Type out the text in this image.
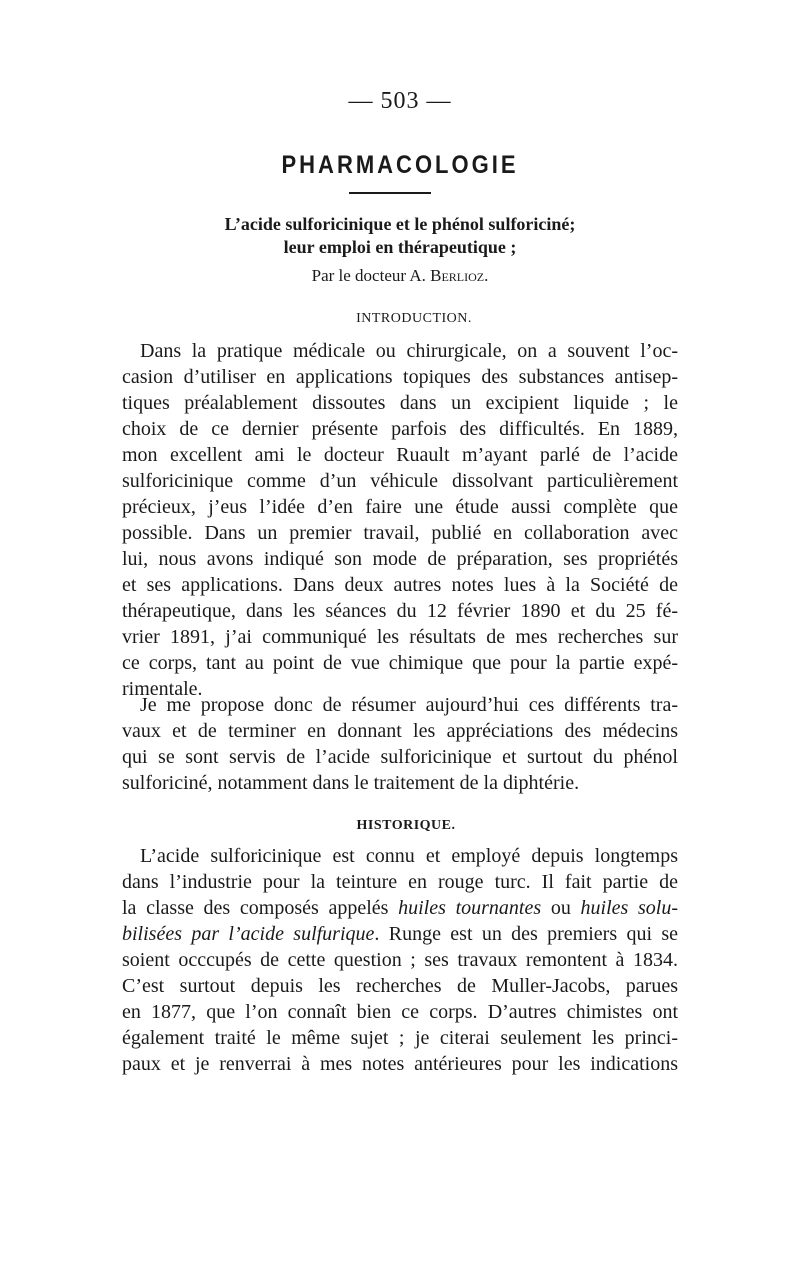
— 503 —
PHARMACOLOGIE
L’acide sulforicinique et le phénol sulforiciné;
leur emploi en thérapeutique ;
Par le docteur A. Berlioz.
INTRODUCTION.
Dans la pratique médicale ou chirurgicale, on a souvent l’oc-
casion d’utiliser en applications topiques des substances antisep-
tiques préalablement dissoutes dans un excipient liquide ; le
choix de ce dernier présente parfois des difficultés. En 1889,
mon excellent ami le docteur Ruault m’ayant parlé de l’acide
sulforicinique comme d’un véhicule dissolvant particulièrement
précieux, j’eus l’idée d’en faire une étude aussi complète que
possible. Dans un premier travail, publié en collaboration avec
lui, nous avons indiqué son mode de préparation, ses propriétés
et ses applications. Dans deux autres notes lues à la Société de
thérapeutique, dans les séances du 12 février 1890 et du 25 fé-
vrier 1891, j’ai communiqué les résultats de mes recherches sur
ce corps, tant au point de vue chimique que pour la partie expé-
rimentale.
Je me propose donc de résumer aujourd’hui ces différents tra-
vaux et de terminer en donnant les appréciations des médecins
qui se sont servis de l’acide sulforicinique et surtout du phénol
sulforiciné, notamment dans le traitement de la diphtérie.
HISTORIQUE.
L’acide sulforicinique est connu et employé depuis longtemps
dans l’industrie pour la teinture en rouge turc. Il fait partie de
la classe des composés appelés huiles tournantes ou huiles solu-
bilisées par l’acide sulfurique. Runge est un des premiers qui se
soient occcupés de cette question ; ses travaux remontent à 1834.
C’est surtout depuis les recherches de Muller-Jacobs, parues
en 1877, que l’on connaît bien ce corps. D’autres chimistes ont
également traité le même sujet ; je citerai seulement les princi-
paux et je renverrai à mes notes antérieures pour les indications
